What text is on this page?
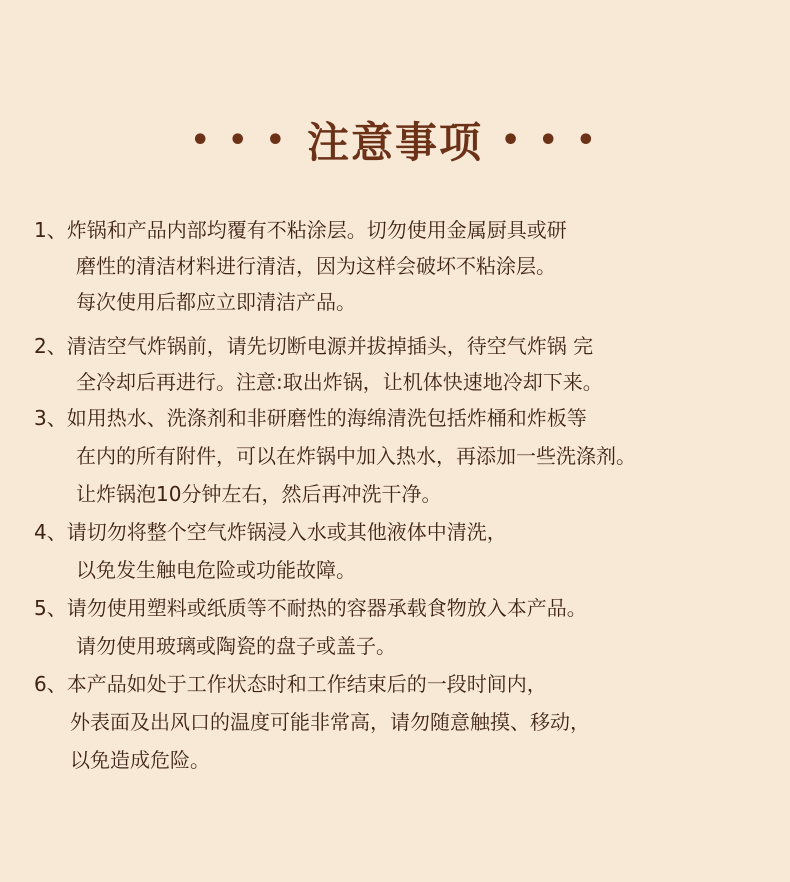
• • • 注意事项 • • •
1、炸锅和产品内部均覆有不粘涂层。切勿使用金属厨具或研
磨性的清洁材料进行清洁，因为这样会破坏不粘涂层。
每次使用后都应立即清洁产品。
2、清洁空气炸锅前，请先切断电源并拔掉插头，待空气炸锅 完
全冷却后再进行。注意:取出炸锅，让机体快速地冷却下来。
3、如用热水、洗涤剂和非研磨性的海绵清洗包括炸桶和炸板等
在内的所有附件，可以在炸锅中加入热水，再添加一些洗涤剂。
让炸锅泡10分钟左右，然后再冲洗干净。
4、请切勿将整个空气炸锅浸入水或其他液体中清洗，
以免发生触电危险或功能故障。
5、请勿使用塑料或纸质等不耐热的容器承载食物放入本产品。
请勿使用玻璃或陶瓷的盘子或盖子。
6、本产品如处于工作状态时和工作结束后的一段时间内，
外表面及出风口的温度可能非常高，请勿随意触摸、移动，
以免造成危险。
